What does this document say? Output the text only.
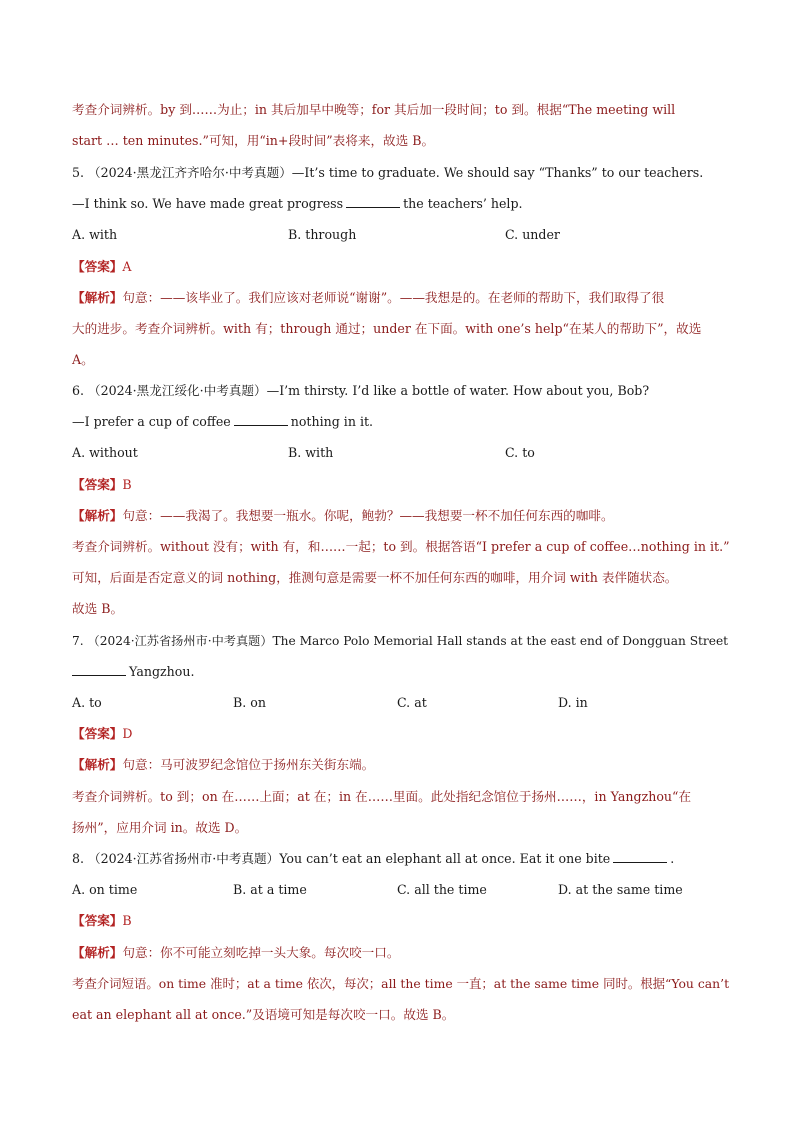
考查介词辨析。by 到……为止；in 其后加早中晚等；for 其后加一段时间；to 到。根据“The meeting will
start … ten minutes.”可知，用“in+段时间”表将来，故选 B。
5. （2024·黑龙江齐齐哈尔·中考真题）—It’s time to graduate. We should say “Thanks” to our teachers.
—I think so. We have made great progress	the teachers’ help.
A. with	B. through	C. under
【答案】A
【解析】句意：——该毕业了。我们应该对老师说“谢谢”。——我想是的。在老师的帮助下，我们取得了很
大的进步。考查介词辨析。with 有；through 通过；under 在下面。with one’s help“在某人的帮助下”，故选
A。
6. （2024·黑龙江绥化·中考真题）—I’m thirsty. I’d like a bottle of water. How about you, Bob?
—I prefer a cup of coffee	nothing in it.
A. without	B. with	C. to
【答案】B
【解析】句意：——我渴了。我想要一瓶水。你呢，鲍勃？——我想要一杯不加任何东西的咖啡。
考查介词辨析。without 没有；with 有，和……一起；to 到。根据答语“I prefer a cup of coffee…nothing in it.”
可知，后面是否定意义的词 nothing，推测句意是需要一杯不加任何东西的咖啡，用介词 with 表伴随状态。
故选 B。
7. （2024·江苏省扬州市·中考真题）The Marco Polo Memorial Hall stands at the east end of Dongguan Street
Yangzhou.
A. to	B. on	C. at	D. in
【答案】D
【解析】句意：马可波罗纪念馆位于扬州东关街东端。
考查介词辨析。to 到；on 在……上面；at 在；in 在……里面。此处指纪念馆位于扬州……，in Yangzhou“在
扬州”，应用介词 in。故选 D。
8. （2024·江苏省扬州市·中考真题）You can’t eat an elephant all at once. Eat it one bite	.
A. on time	B. at a time	C. all the time	D. at the same time
【答案】B
【解析】句意：你不可能立刻吃掉一头大象。每次咬一口。
考查介词短语。on time 准时；at a time 依次，每次；all the time 一直；at the same time 同时。根据“You can’t
eat an elephant all at once.”及语境可知是每次咬一口。故选 B。
